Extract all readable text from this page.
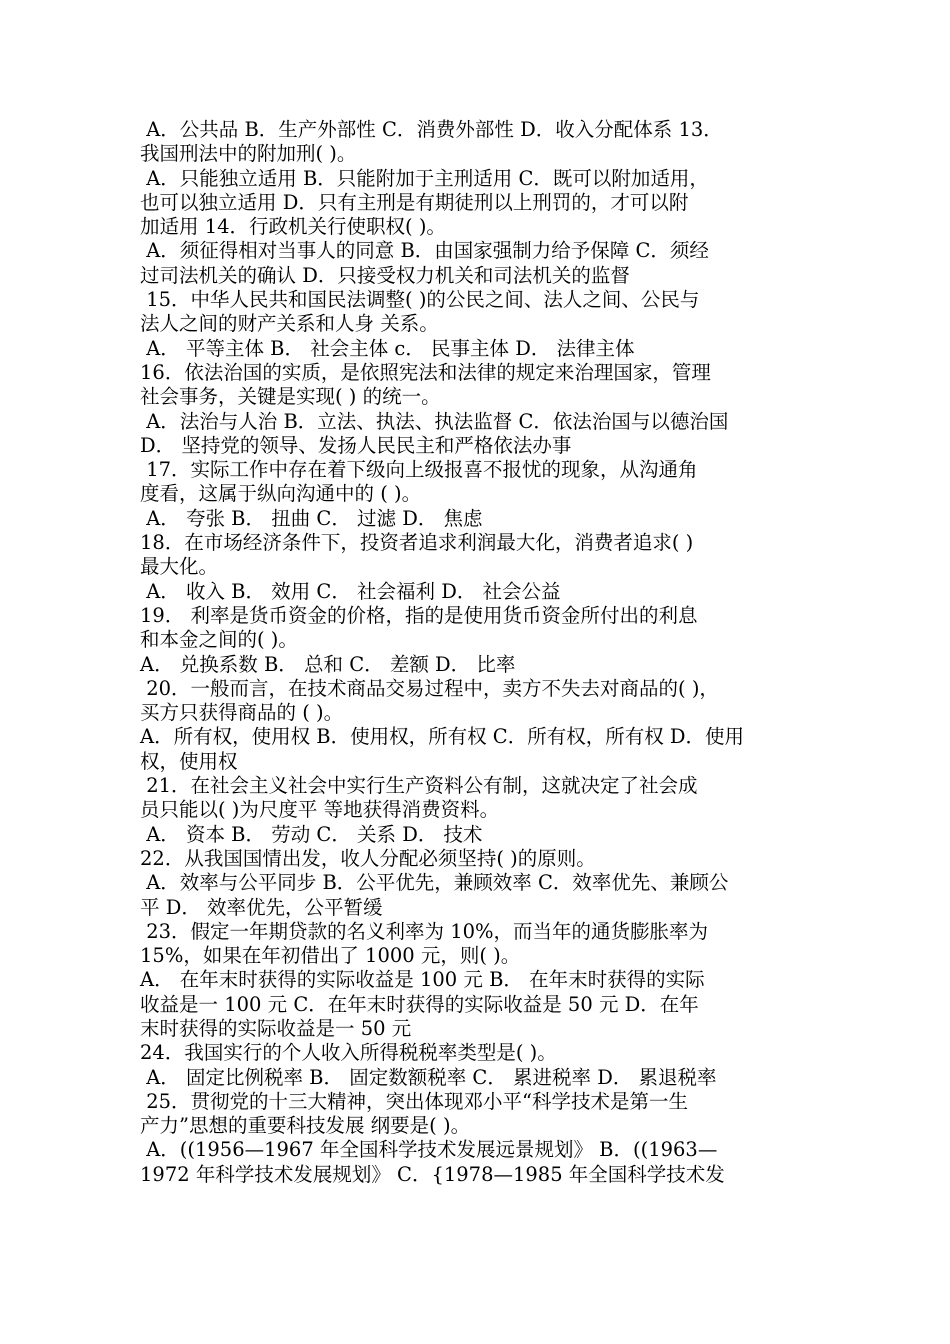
A．公共品 B．生产外部性 C．消费外部性 D．收入分配体系 13．
我国刑法中的附加刑( )。
A．只能独立适用 B．只能附加于主刑适用 C．既可以附加适用，
也可以独立适用 D．只有主刑是有期徒刑以上刑罚的，才可以附
加适用 14．行政机关行使职权( )。
A．须征得相对当事人的同意 B．由国家强制力给予保障 C．须经
过司法机关的确认 D．只接受权力机关和司法机关的监督
15．中华人民共和国民法调整( )的公民之间、法人之间、公民与
法人之间的财产关系和人身 关系。
A． 平等主体 B． 社会主体 c． 民事主体 D． 法律主体
16．依法治国的实质，是依照宪法和法律的规定来治理国家，管理
社会事务，关键是实现( ) 的统一。
A．法治与人治 B．立法、执法、执法监督 C．依法治国与以德治国
D． 坚持党的领导、发扬人民民主和严格依法办事
17．实际工作中存在着下级向上级报喜不报忧的现象，从沟通角
度看，这属于纵向沟通中的 ( )。
A． 夸张 B． 扭曲 C． 过滤 D． 焦虑
18．在市场经济条件下，投资者追求利润最大化，消费者追求( )
最大化。
A． 收入 B． 效用 C． 社会福利 D． 社会公益
19． 利率是货币资金的价格，指的是使用货币资金所付出的利息
和本金之间的( )。
A． 兑换系数 B． 总和 C． 差额 D． 比率
20．一般而言，在技术商品交易过程中，卖方不失去对商品的( )，
买方只获得商品的 ( )。
A．所有权，使用权 B．使用权，所有权 C．所有权，所有权 D．使用
权，使用权
21．在社会主义社会中实行生产资料公有制，这就决定了社会成
员只能以( )为尺度平 等地获得消费资料。
A． 资本 B． 劳动 C． 关系 D． 技术
22．从我国国情出发，收人分配必须坚持( )的原则。
A．效率与公平同步 B．公平优先，兼顾效率 C．效率优先、兼顾公
平 D． 效率优先，公平暂缓
23．假定一年期贷款的名义利率为 10%，而当年的通货膨胀率为
15%，如果在年初借出了 1000 元，则( )。
A． 在年末时获得的实际收益是 100 元 B． 在年末时获得的实际
收益是一 100 元 C．在年末时获得的实际收益是 50 元 D．在年
末时获得的实际收益是一 50 元
24．我国实行的个人收入所得税税率类型是( )。
A． 固定比例税率 B． 固定数额税率 C． 累进税率 D． 累退税率
25．贯彻党的十三大精神，突出体现邓小平“科学技术是第一生
产力”思想的重要科技发展 纲要是( )。
A．((1956—1967 年全国科学技术发展远景规划》 B．((1963—
1972 年科学技术发展规划》 C．{1978—1985 年全国科学技术发
